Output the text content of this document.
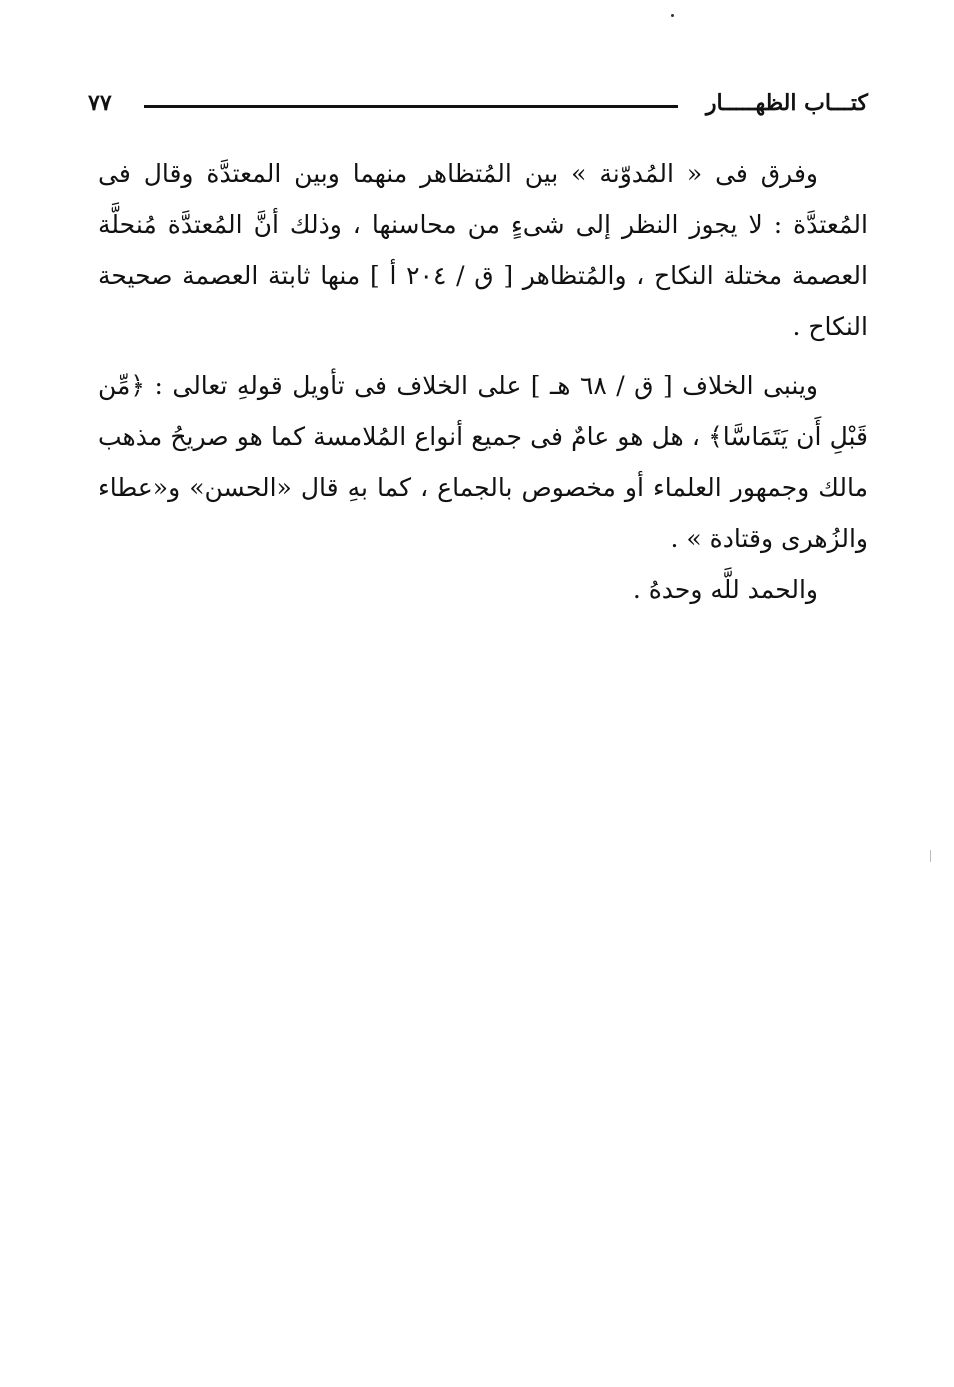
كتـــاب الظهـــــار
٧٧

وفرق فى « المُدوّنة » بين المُتظاهر منهما وبين المعتدَّة وقال فى المُعتدَّة : لا يجوز النظر إلى شىءٍ من محاسنها ، وذلك أنَّ المُعتدَّة مُنحلَّة العصمة مختلة النكاح ، والمُتظاهر [ ق / ٢٠٤ أ ] منها ثابتة العصمة صحيحة النكاح .

وينبى الخلاف [ ق / ٦٨ هـ ] على الخلاف فى تأويل قولهِ تعالى : ﴿مِّن قَبْلِ أَن يَتَمَاسَّا﴾ ، هل هو عامٌ فى جميع أنواع المُلامسة كما هو صريحُ مذهب مالك وجمهور العلماء أو مخصوص بالجماع ، كما بهِ قال «الحسن» و«عطاء والزُهرى وقتادة » .

والحمد للَّه وحدهُ .
